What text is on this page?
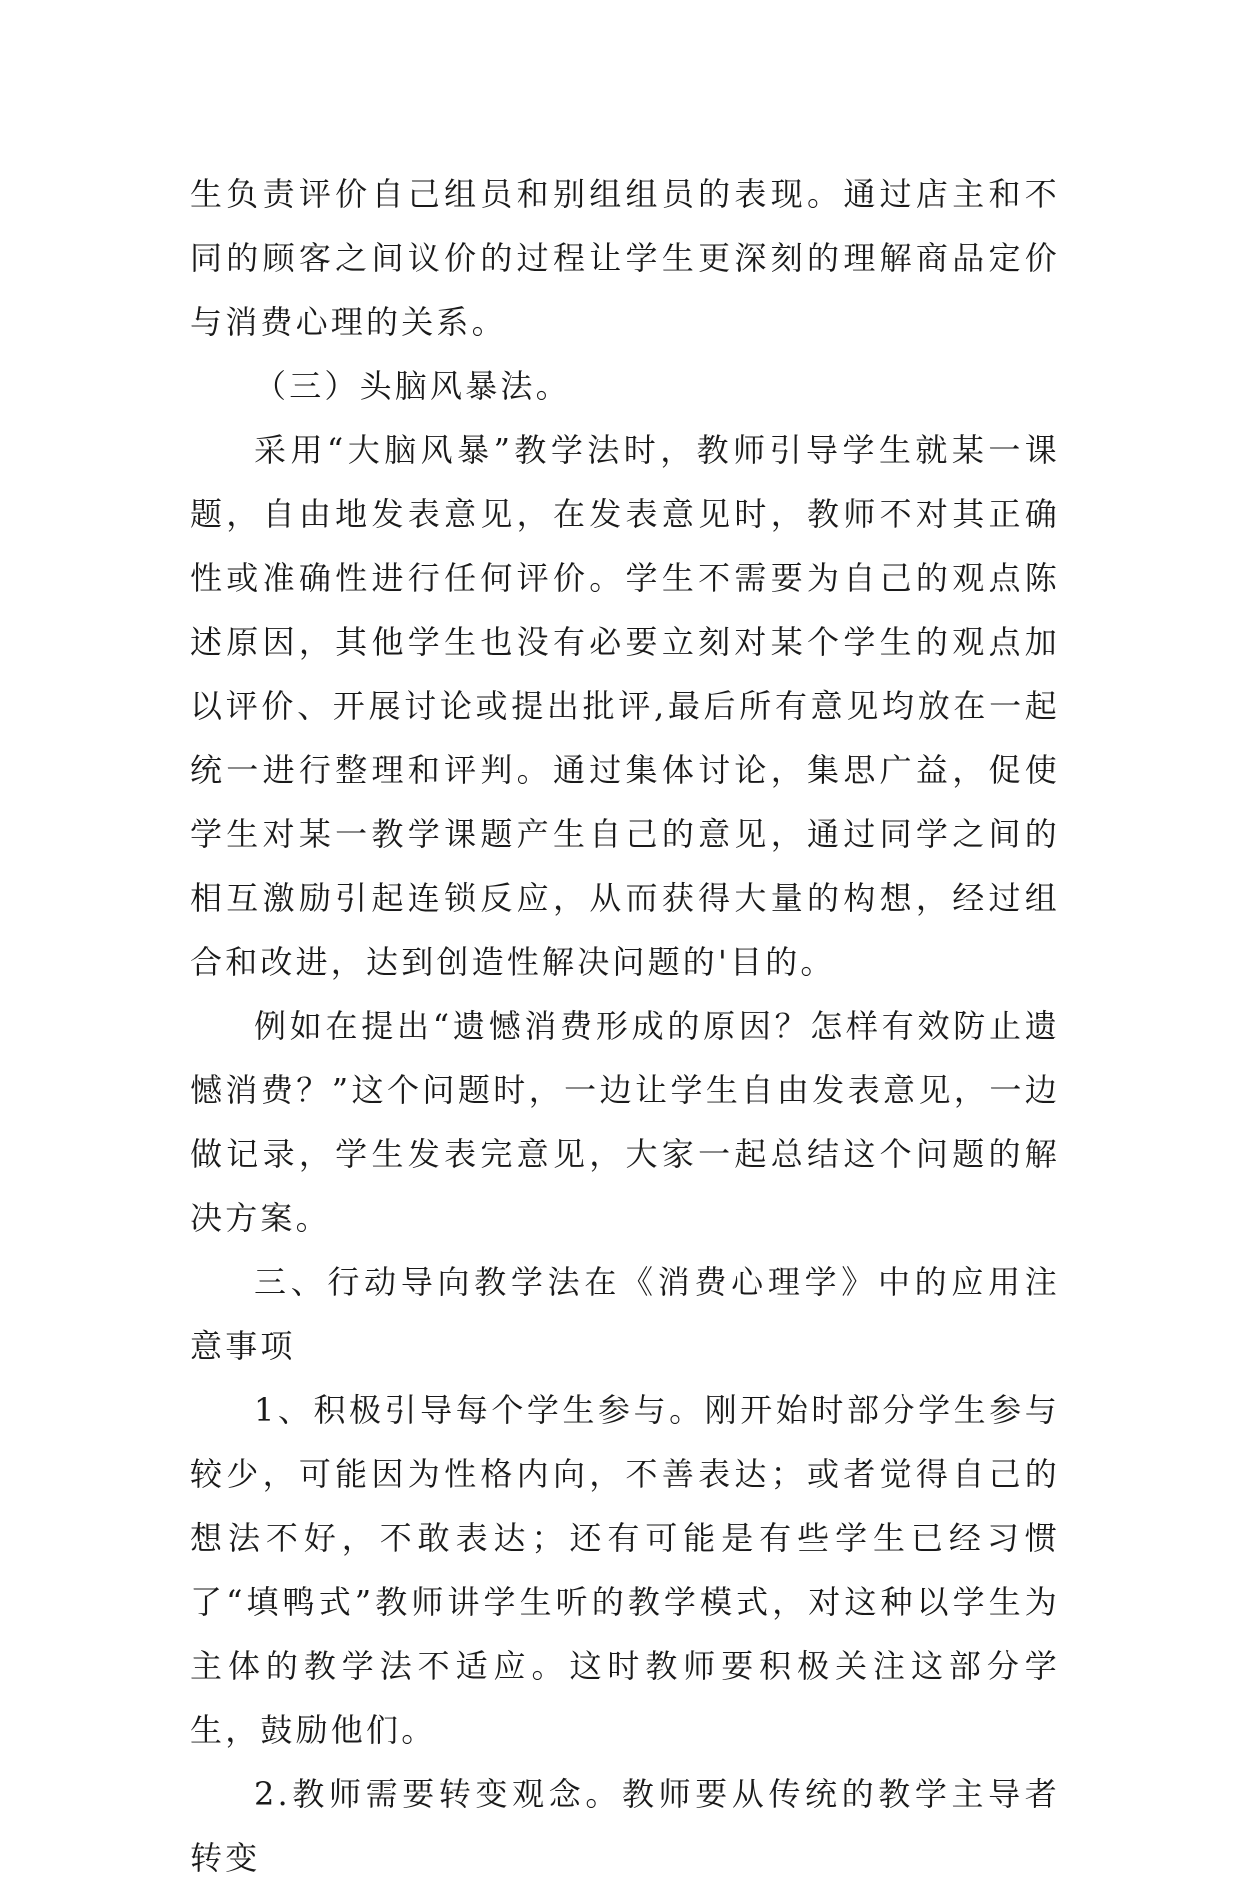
生负责评价自己组员和别组组员的表现。通过店主和不同的顾客之间议价的过程让学生更深刻的理解商品定价与消费心理的关系。

（三）头脑风暴法。

采用“大脑风暴”教学法时，教师引导学生就某一课题，自由地发表意见，在发表意见时，教师不对其正确性或准确性进行任何评价。学生不需要为自己的观点陈述原因，其他学生也没有必要立刻对某个学生的观点加以评价、开展讨论或提出批评,最后所有意见均放在一起统一进行整理和评判。通过集体讨论，集思广益，促使学生对某一教学课题产生自己的意见，通过同学之间的相互激励引起连锁反应，从而获得大量的构想，经过组合和改进，达到创造性解决问题的'目的。

例如在提出“遗憾消费形成的原因？怎样有效防止遗憾消费？”这个问题时，一边让学生自由发表意见，一边做记录，学生发表完意见，大家一起总结这个问题的解决方案。

三、行动导向教学法在《消费心理学》中的应用注意事项

1、积极引导每个学生参与。刚开始时部分学生参与较少，可能因为性格内向，不善表达；或者觉得自己的想法不好，不敢表达；还有可能是有些学生已经习惯了“填鸭式”教师讲学生听的教学模式，对这种以学生为主体的教学法不适应。这时教师要积极关注这部分学生，鼓励他们。

2.教师需要转变观念。教师要从传统的教学主导者转变
